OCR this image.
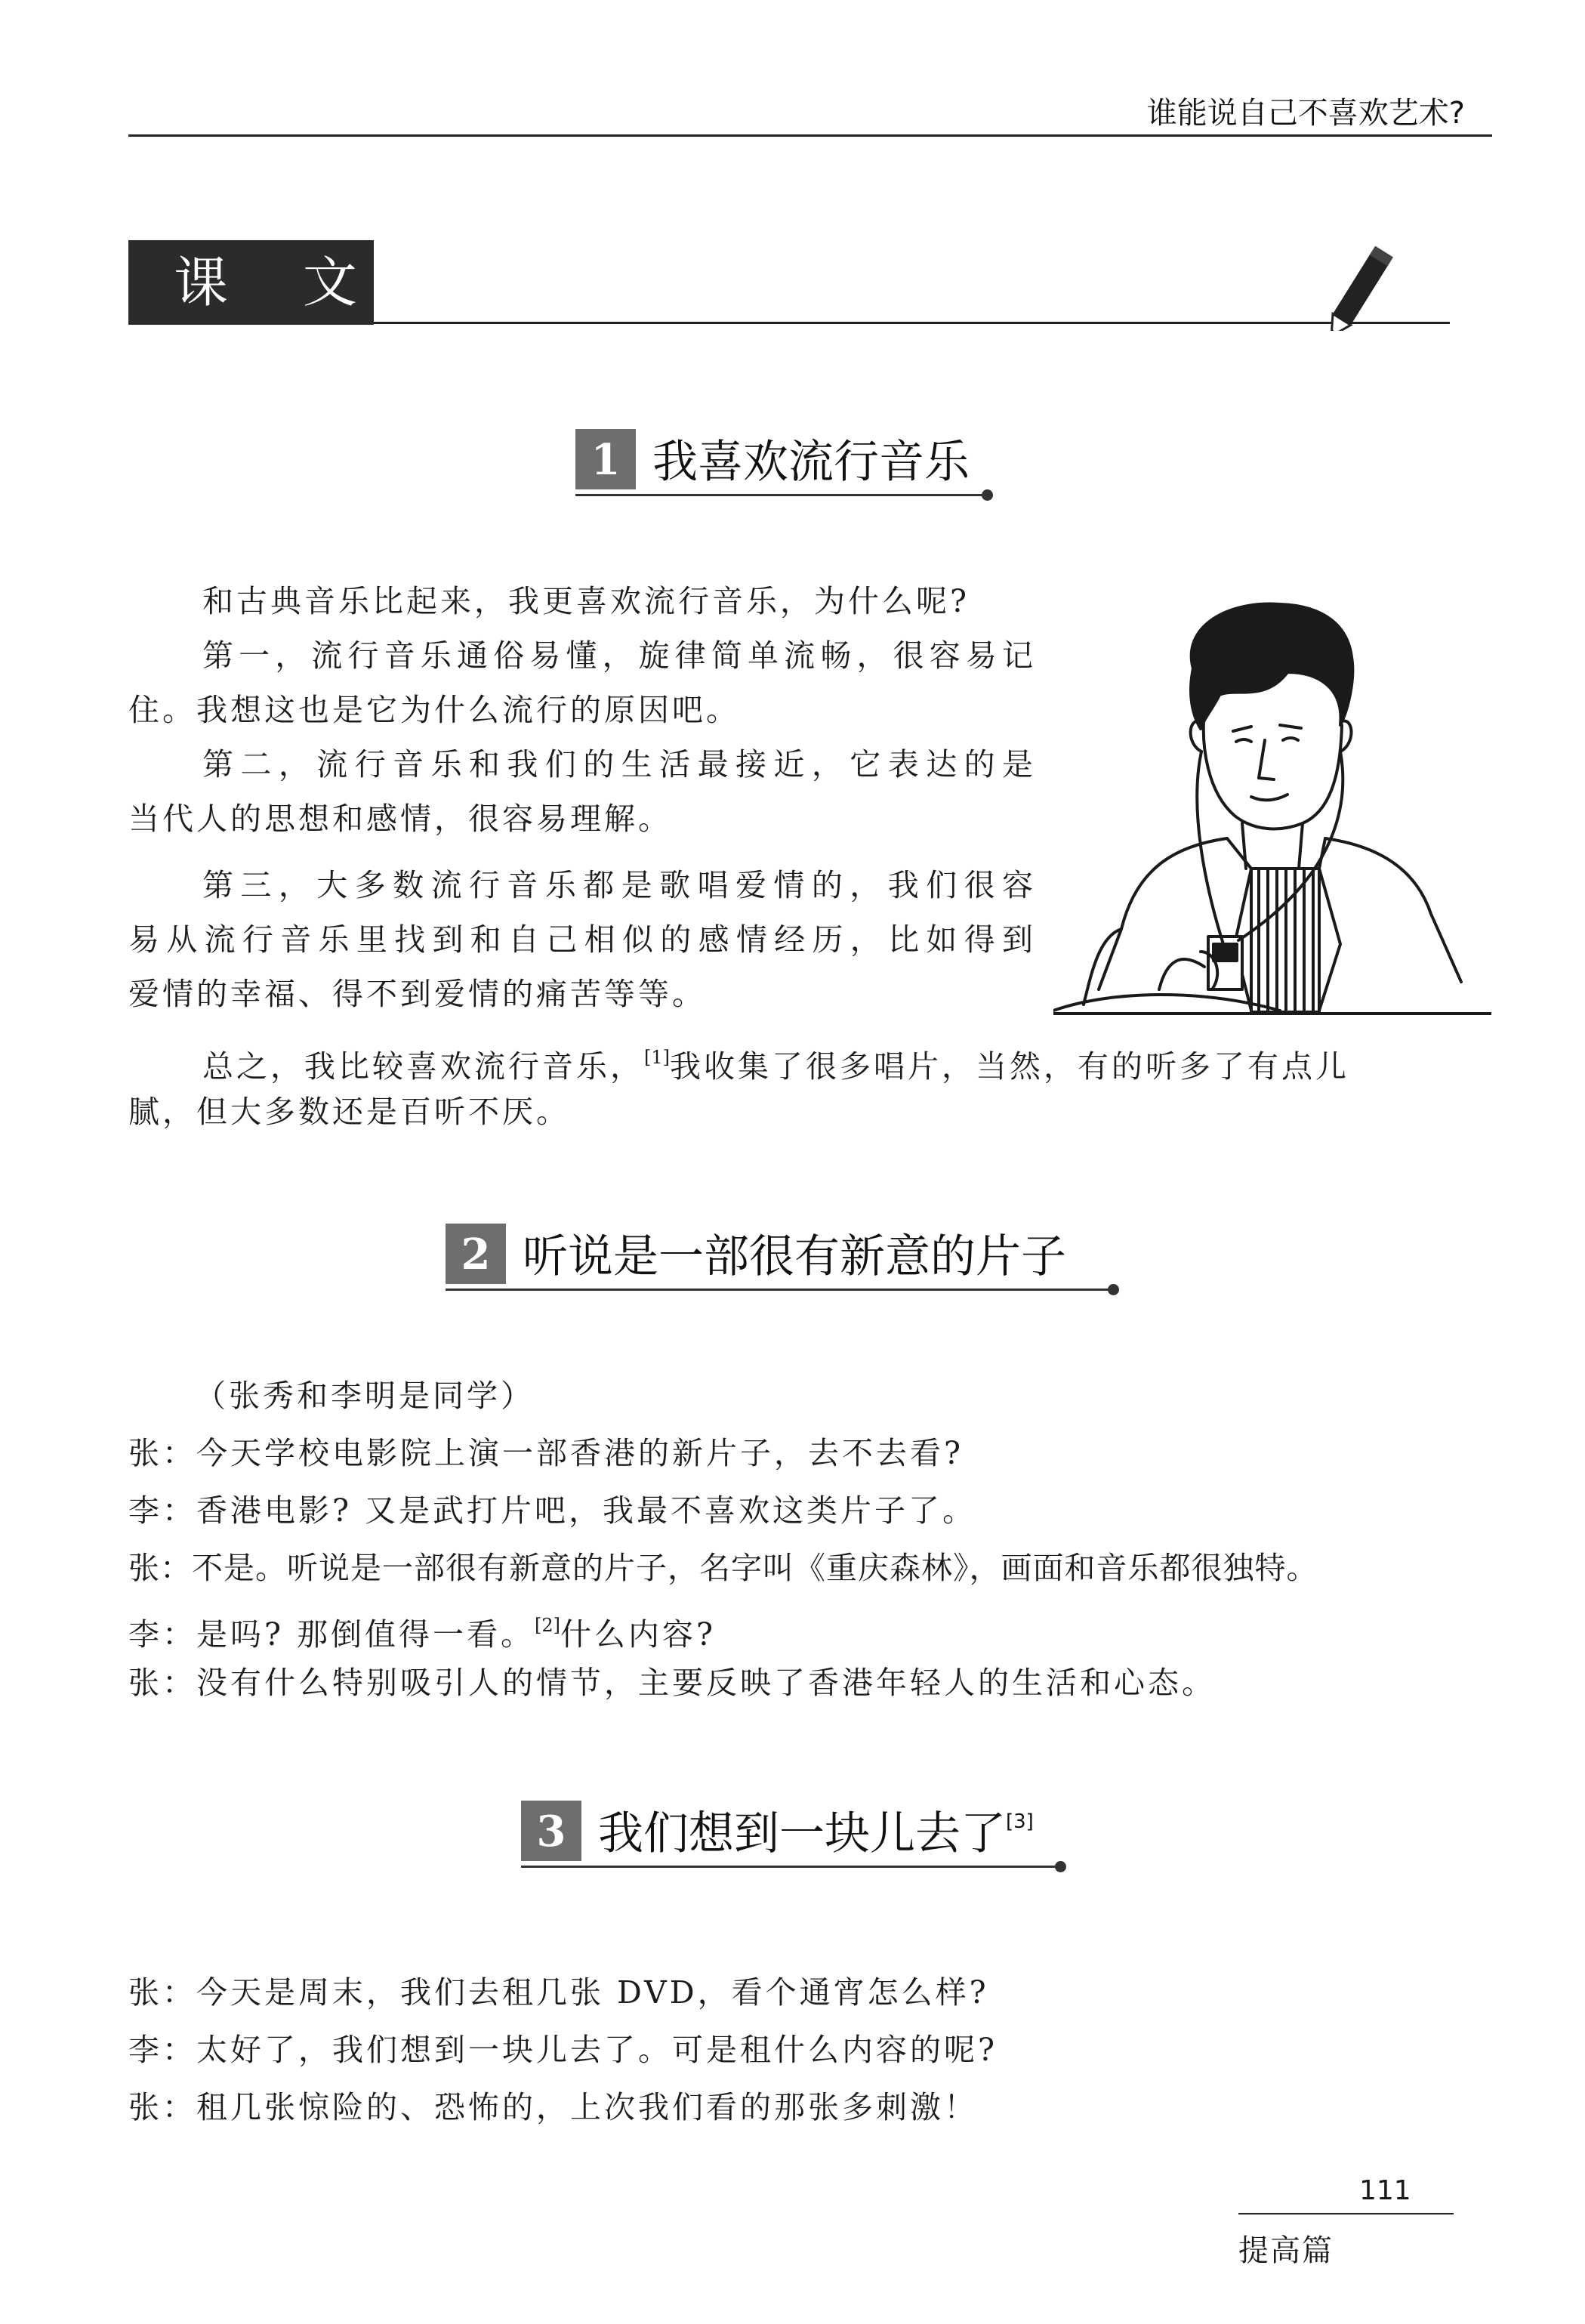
谁能说自己不喜欢艺术?
课 文
1 我喜欢流行音乐
和古典音乐比起来，我更喜欢流行音乐，为什么呢?
第一，流行音乐通俗易懂，旋律简单流畅，很容易记
住。我想这也是它为什么流行的原因吧。
第二，流行音乐和我们的生活最接近，它表达的是
当代人的思想和感情，很容易理解。
第三，大多数流行音乐都是歌唱爱情的，我们很容
易从流行音乐里找到和自己相似的感情经历，比如得到
爱情的幸福、得不到爱情的痛苦等等。
总之，我比较喜欢流行音乐，[1]我收集了很多唱片，当然，有的听多了有点儿
腻，但大多数还是百听不厌。
2 听说是一部很有新意的片子
（张秀和李明是同学）
张：今天学校电影院上演一部香港的新片子，去不去看?
李：香港电影? 又是武打片吧，我最不喜欢这类片子了。
张：不是。听说是一部很有新意的片子，名字叫《重庆森林》，画面和音乐都很独特。
李：是吗? 那倒值得一看。[2]什么内容?
张：没有什么特别吸引人的情节，主要反映了香港年轻人的生活和心态。
3 我们想到一块儿去了[3]
张：今天是周末，我们去租几张 DVD，看个通宵怎么样?
李：太好了，我们想到一块儿去了。可是租什么内容的呢?
张：租几张惊险的、恐怖的，上次我们看的那张多刺激！
111
提高篇
